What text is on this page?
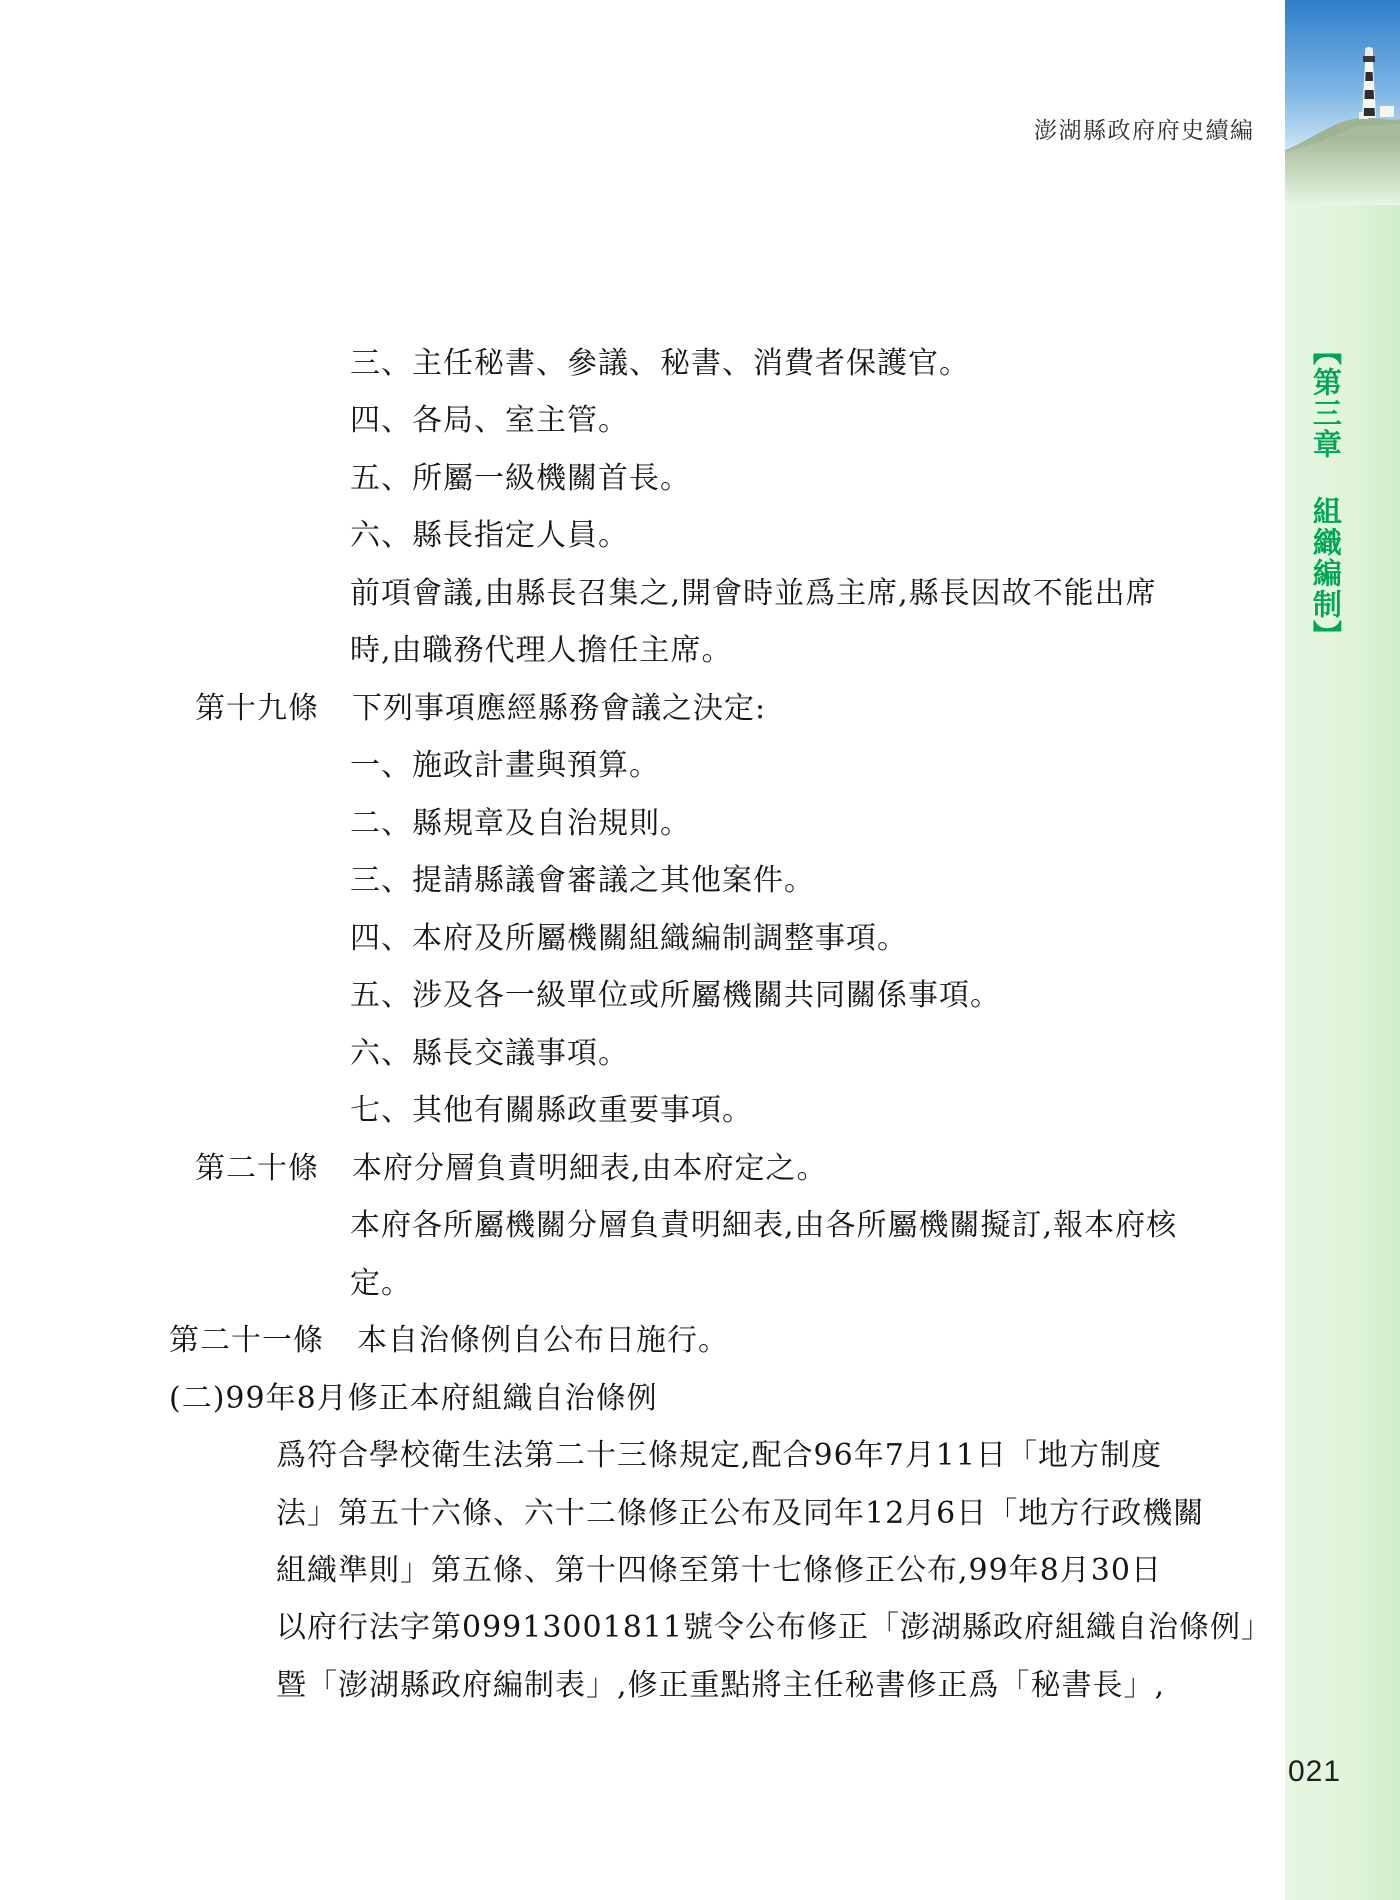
澎湖縣政府府史續編
【第三章 組織編制】
021
三、主任秘書、參議、秘書、消費者保護官。
四、各局、室主管。
五、所屬一級機關首長。
六、縣長指定人員。
前項會議,由縣長召集之,開會時並爲主席,縣長因故不能出席
時,由職務代理人擔任主席。
第十九條 下列事項應經縣務會議之決定:
一、施政計畫與預算。
二、縣規章及自治規則。
三、提請縣議會審議之其他案件。
四、本府及所屬機關組織編制調整事項。
五、涉及各一級單位或所屬機關共同關係事項。
六、縣長交議事項。
七、其他有關縣政重要事項。
第二十條 本府分層負責明細表,由本府定之。
本府各所屬機關分層負責明細表,由各所屬機關擬訂,報本府核
定。
第二十一條 本自治條例自公布日施行。
(二)99年8月修正本府組織自治條例
爲符合學校衛生法第二十三條規定,配合96年7月11日「地方制度
法」第五十六條、六十二條修正公布及同年12月6日「地方行政機關
組織準則」第五條、第十四條至第十七條修正公布,99年8月30日
以府行法字第09913001811號令公布修正「澎湖縣政府組織自治條例」
暨「澎湖縣政府編制表」,修正重點將主任秘書修正爲「秘書長」,
